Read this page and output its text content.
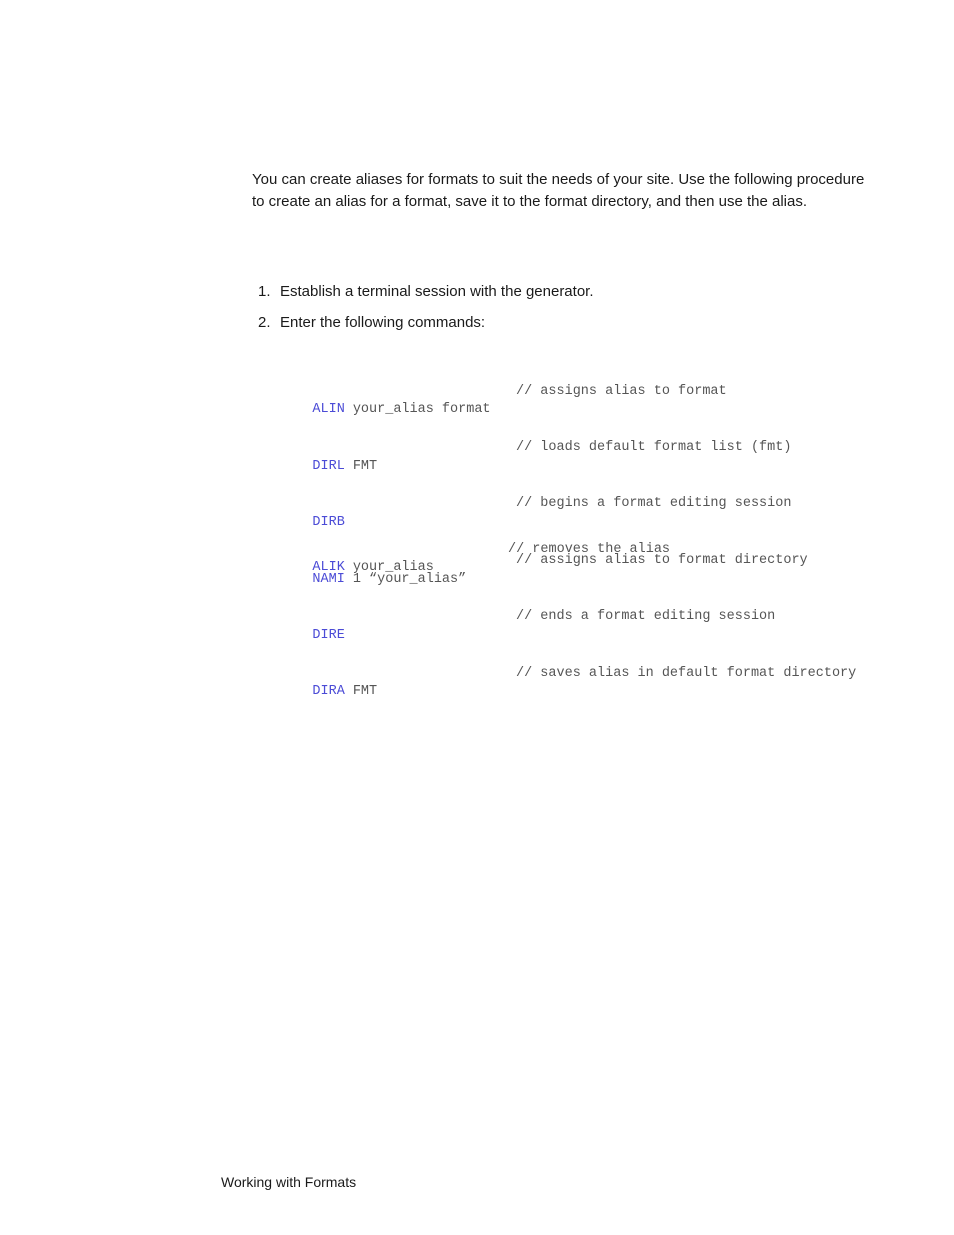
You can create aliases for formats to suit the needs of your site. Use the following procedure to create an alias for a format, save it to the format directory, and then use the alias.

1. Establish a terminal session with the generator.
2. Enter the following commands:

ALIN your_alias format

// assigns alias to format

DIRL FMT

// loads default format list (fmt)

DIRB

// begins a format editing session

NAMI 1 “your_alias”

// assigns alias to format directory

DIRE

// ends a format editing session

DIRA FMT

// saves alias in default format directory

ALIK your_alias

// removes the alias

Working with Formats
